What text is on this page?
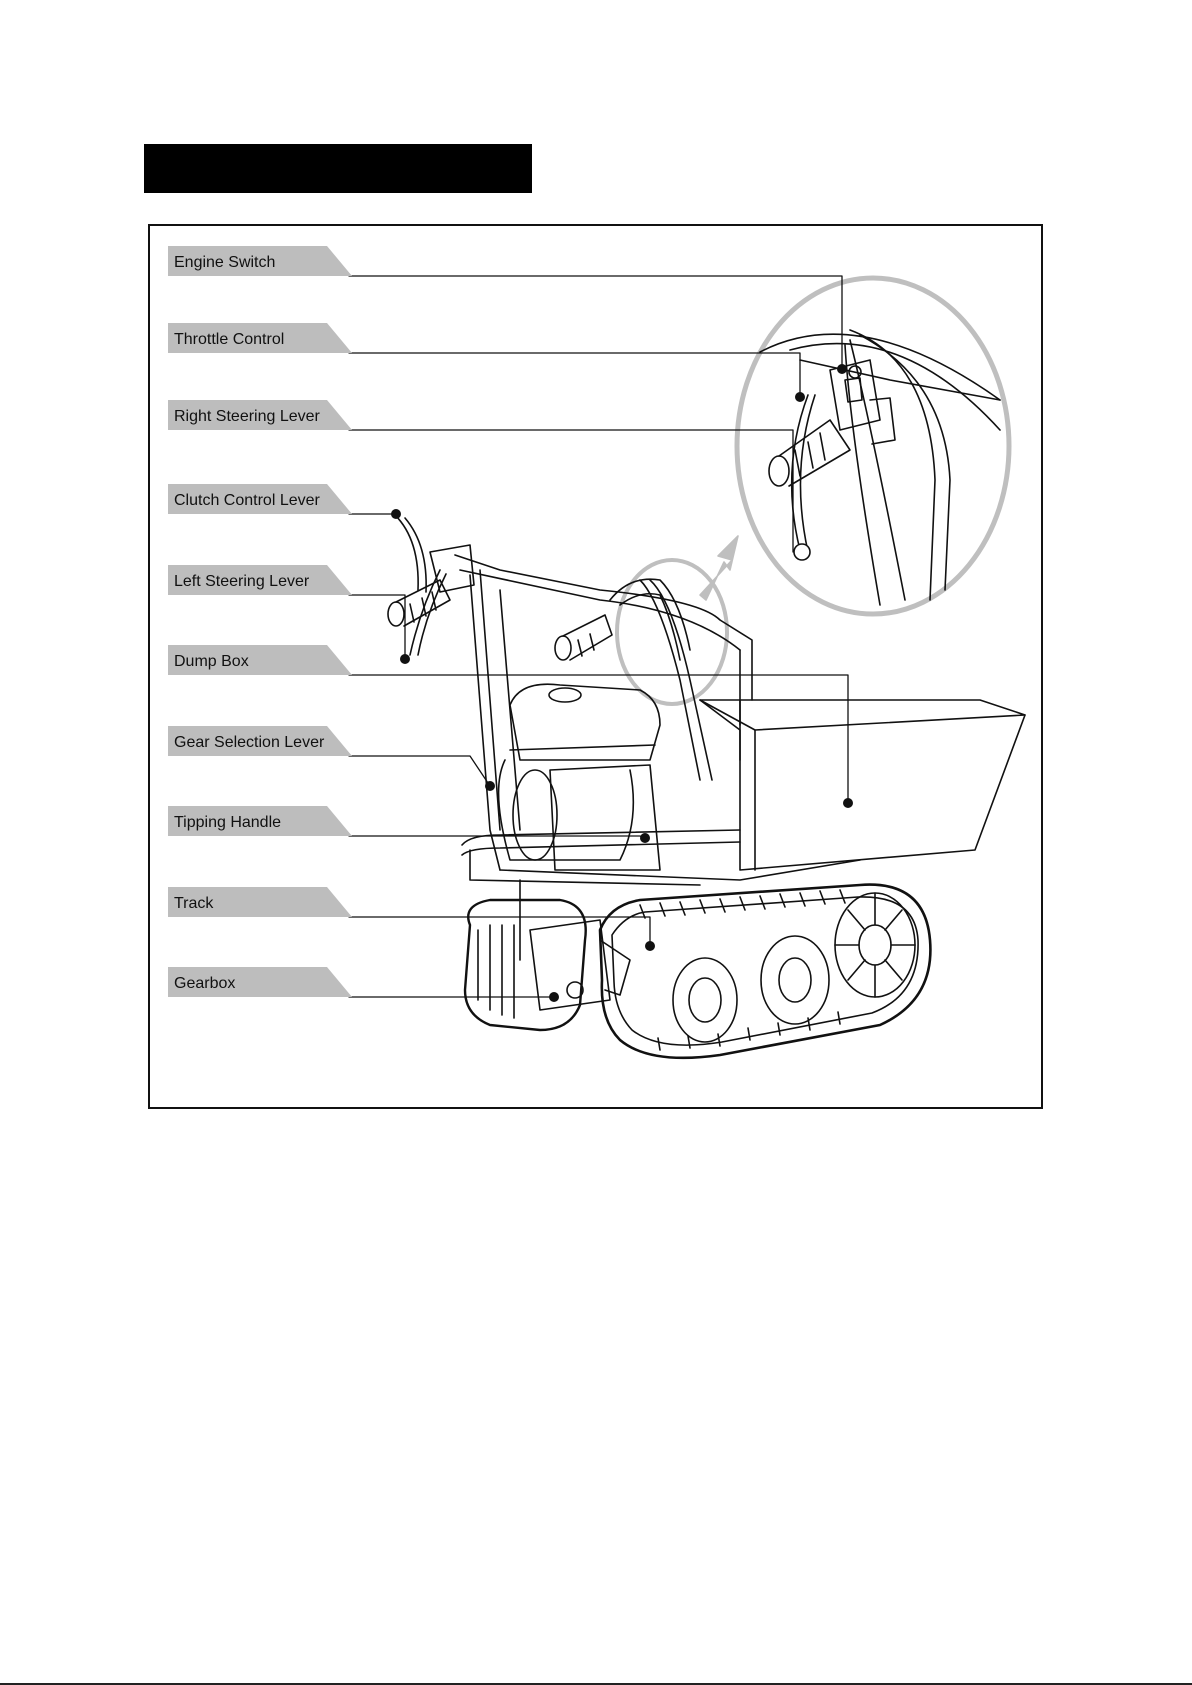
Engine Switch
Throttle Control
Right Steering Lever
Clutch Control Lever
Left Steering Lever
Dump Box
Gear Selection Lever
Tipping Handle
Track
Gearbox
